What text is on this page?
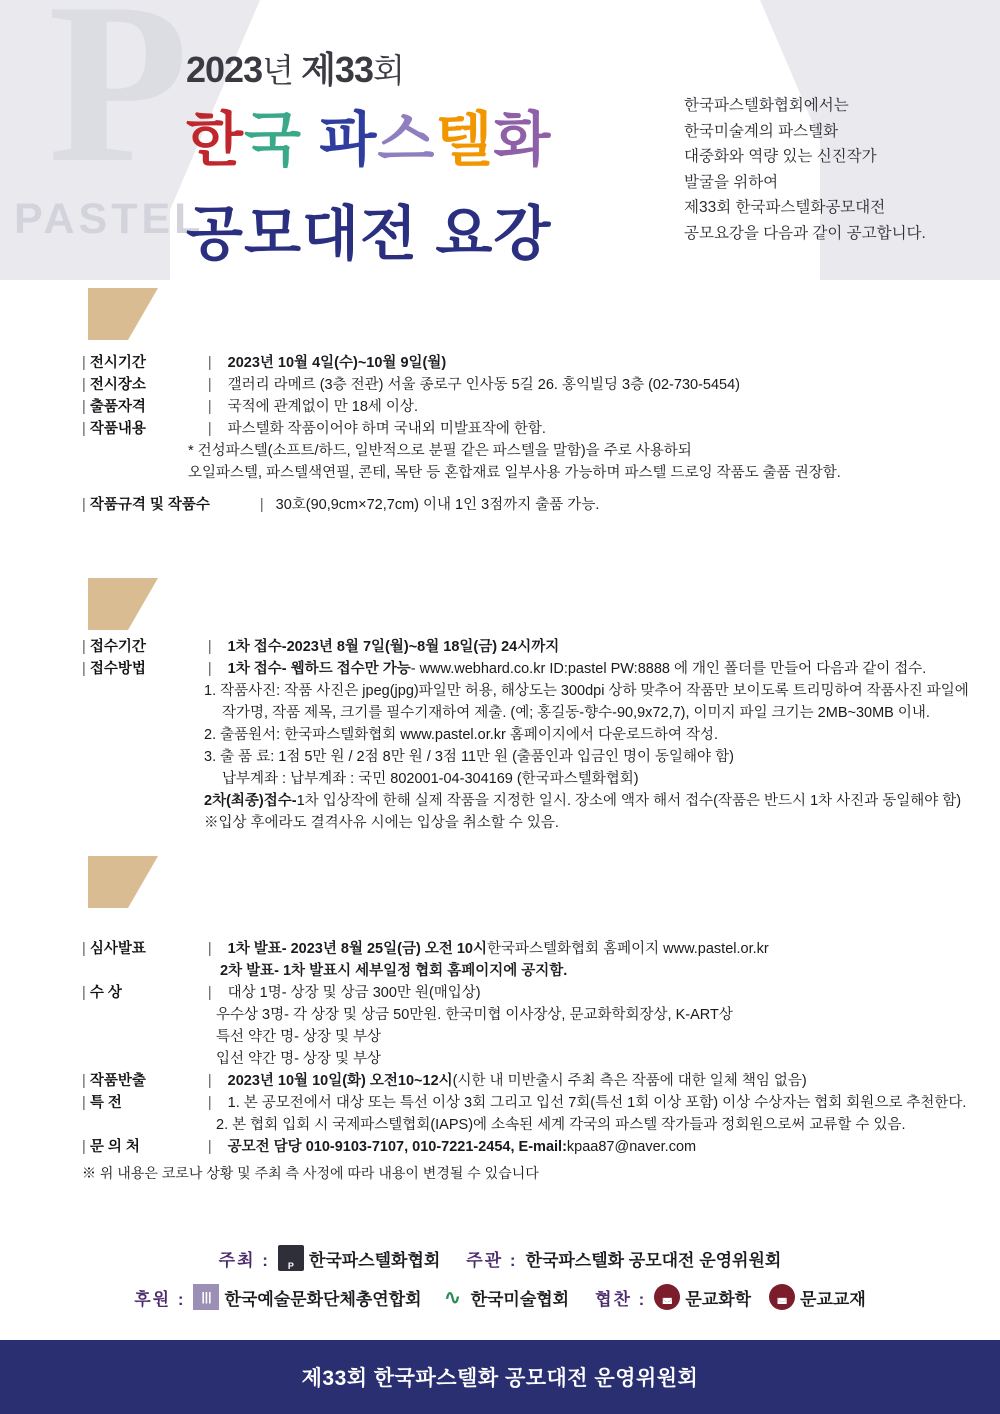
P
PASTEL
2023년 제33회
한국 파스텔화
공모대전 요강
한국파스텔화협회에서는
한국미술계의 파스텔화
대중화와 역량 있는 신진작가
발굴을 위하여
제33회 한국파스텔화공모대전
공모요강을 다음과 같이 공고합니다.
| 전시기간	| 2023년 10월 4일(수)~10월 9일(월)
| 전시장소	| 갤러리 라메르 (3층 전관) 서울 종로구 인사동 5길 26. 홍익빌딩 3층 (02-730-5454)
| 출품자격	| 국적에 관계없이 만 18세 이상.
| 작품내용	| 파스텔화 작품이어야 하며 국내외 미발표작에 한함.
* 건성파스텔(소프트/하드, 일반적으로 분필 같은 파스텔을 말함)을 주로 사용하되
오일파스텔, 파스텔색연필, 콘테, 목탄 등 혼합재료 일부사용 가능하며 파스텔 드로잉 작품도 출품 권장함.
| 작품규격 및 작품수	| 30호(90,9cm×72,7cm) 이내 1인 3점까지 출품 가능.
| 접수기간	| 1차 접수-2023년 8월 7일(월)~8월 18일(금) 24시까지
| 접수방법	| 1차 접수- 웹하드 접수만 가능- www.webhard.co.kr ID:pastel PW:8888 에 개인 폴더를 만들어 다음과 같이 접수.
1. 작품사진: 작품 사진은 jpeg(jpg)파일만 허용, 해상도는 300dpi 상하 맞추어 작품만 보이도록 트리밍하여 작품사진 파일에
작가명, 작품 제목, 크기를 필수기재하여 제출. (예; 홍길동-향수-90,9x72,7), 이미지 파일 크기는 2MB~30MB 이내.
2. 출품원서: 한국파스텔화협회 www.pastel.or.kr 홈페이지에서 다운로드하여 작성.
3. 출 품 료: 1점 5만 원 / 2점 8만 원 / 3점 11만 원 (출품인과 입금인 명이 동일해야 함)
납부계좌 : 납부계좌 : 국민 802001-04-304169 (한국파스텔화협회)
2차(최종)접수-1차 입상작에 한해 실제 작품을 지정한 일시. 장소에 액자 해서 접수(작품은 반드시 1차 사진과 동일해야 함)
※입상 후에라도 결격사유 시에는 입상을 취소할 수 있음.
| 심사발표	| 1차 발표- 2023년 8월 25일(금) 오전 10시한국파스텔화협회 홈페이지 www.pastel.or.kr
2차 발표- 1차 발표시 세부일정 협회 홈페이지에 공지함.
| 수 상	| 대상 1명- 상장 및 상금 300만 원(매입상)
우수상 3명- 각 상장 및 상금 50만원. 한국미협 이사장상, 문교화학회장상, K-ART상
특선 약간 명- 상장 및 부상
입선 약간 명- 상장 및 부상
| 작품반출	| 2023년 10월 10일(화) 오전10~12시(시한 내 미반출시 주최 측은 작품에 대한 일체 책임 없음)
| 특 전	| 1. 본 공모전에서 대상 또는 특선 이상 3회 그리고 입선 7회(특선 1회 이상 포함) 이상 수상자는 협회 회원으로 추천한다.
2. 본 협회 입회 시 국제파스텔협회(IAPS)에 소속된 세계 각국의 파스텔 작가들과 정회원으로써 교류할 수 있음.
| 문 의 처	| 공모전 담당 010-9103-7107, 010-7221-2454, E-mail:kpaa87@naver.com
※ 위 내용은 코로나 상황 및 주최 측 사정에 따라 내용이 변경될 수 있습니다
주최 :	P 한국파스텔화협회 주관 : 한국파스텔화 공모대전 운영위원회
후원 :	||| 한국예술문화단체총연합회 ∿ 한국미술협회 협찬 :	◛ 문교화학	◛ 문교교재
제33회 한국파스텔화 공모대전 운영위원회
